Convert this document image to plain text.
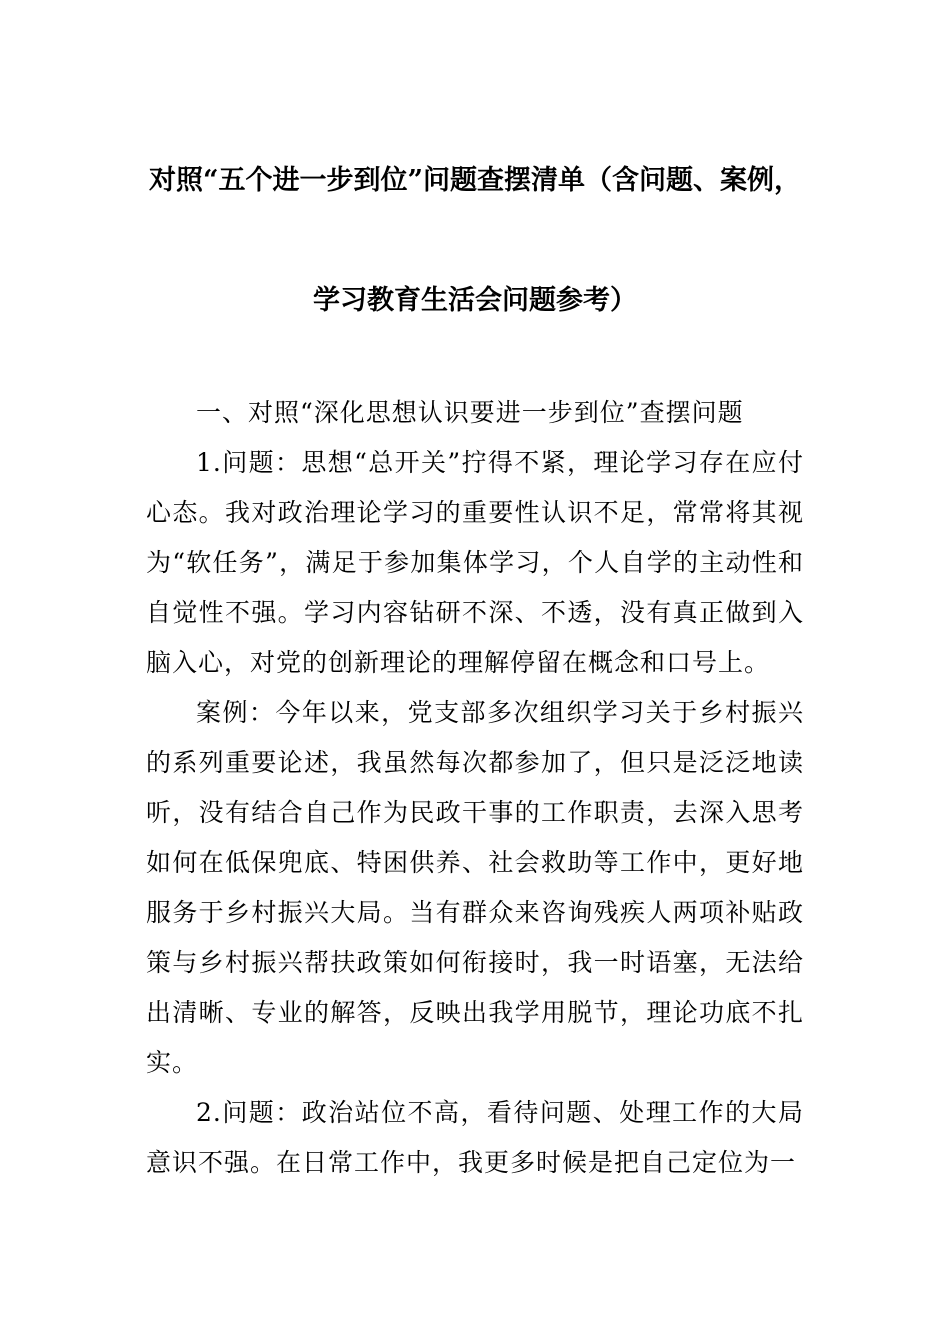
对照“五个进一步到位”问题查摆清单（含问题、案例，
学习教育生活会问题参考）

一、对照“深化思想认识要进一步到位”查摆问题

1.问题：思想“总开关”拧得不紧，理论学习存在应付心态。我对政治理论学习的重要性认识不足，常常将其视为“软任务”，满足于参加集体学习，个人自学的主动性和自觉性不强。学习内容钻研不深、不透，没有真正做到入脑入心，对党的创新理论的理解停留在概念和口号上。

案例：今年以来，党支部多次组织学习关于乡村振兴的系列重要论述，我虽然每次都参加了，但只是泛泛地读听，没有结合自己作为民政干事的工作职责，去深入思考如何在低保兜底、特困供养、社会救助等工作中，更好地服务于乡村振兴大局。当有群众来咨询残疾人两项补贴政策与乡村振兴帮扶政策如何衔接时，我一时语塞，无法给出清晰、专业的解答，反映出我学用脱节，理论功底不扎实。

2.问题：政治站位不高，看待问题、处理工作的大局意识不强。在日常工作中，我更多时候是把自己定位为一
